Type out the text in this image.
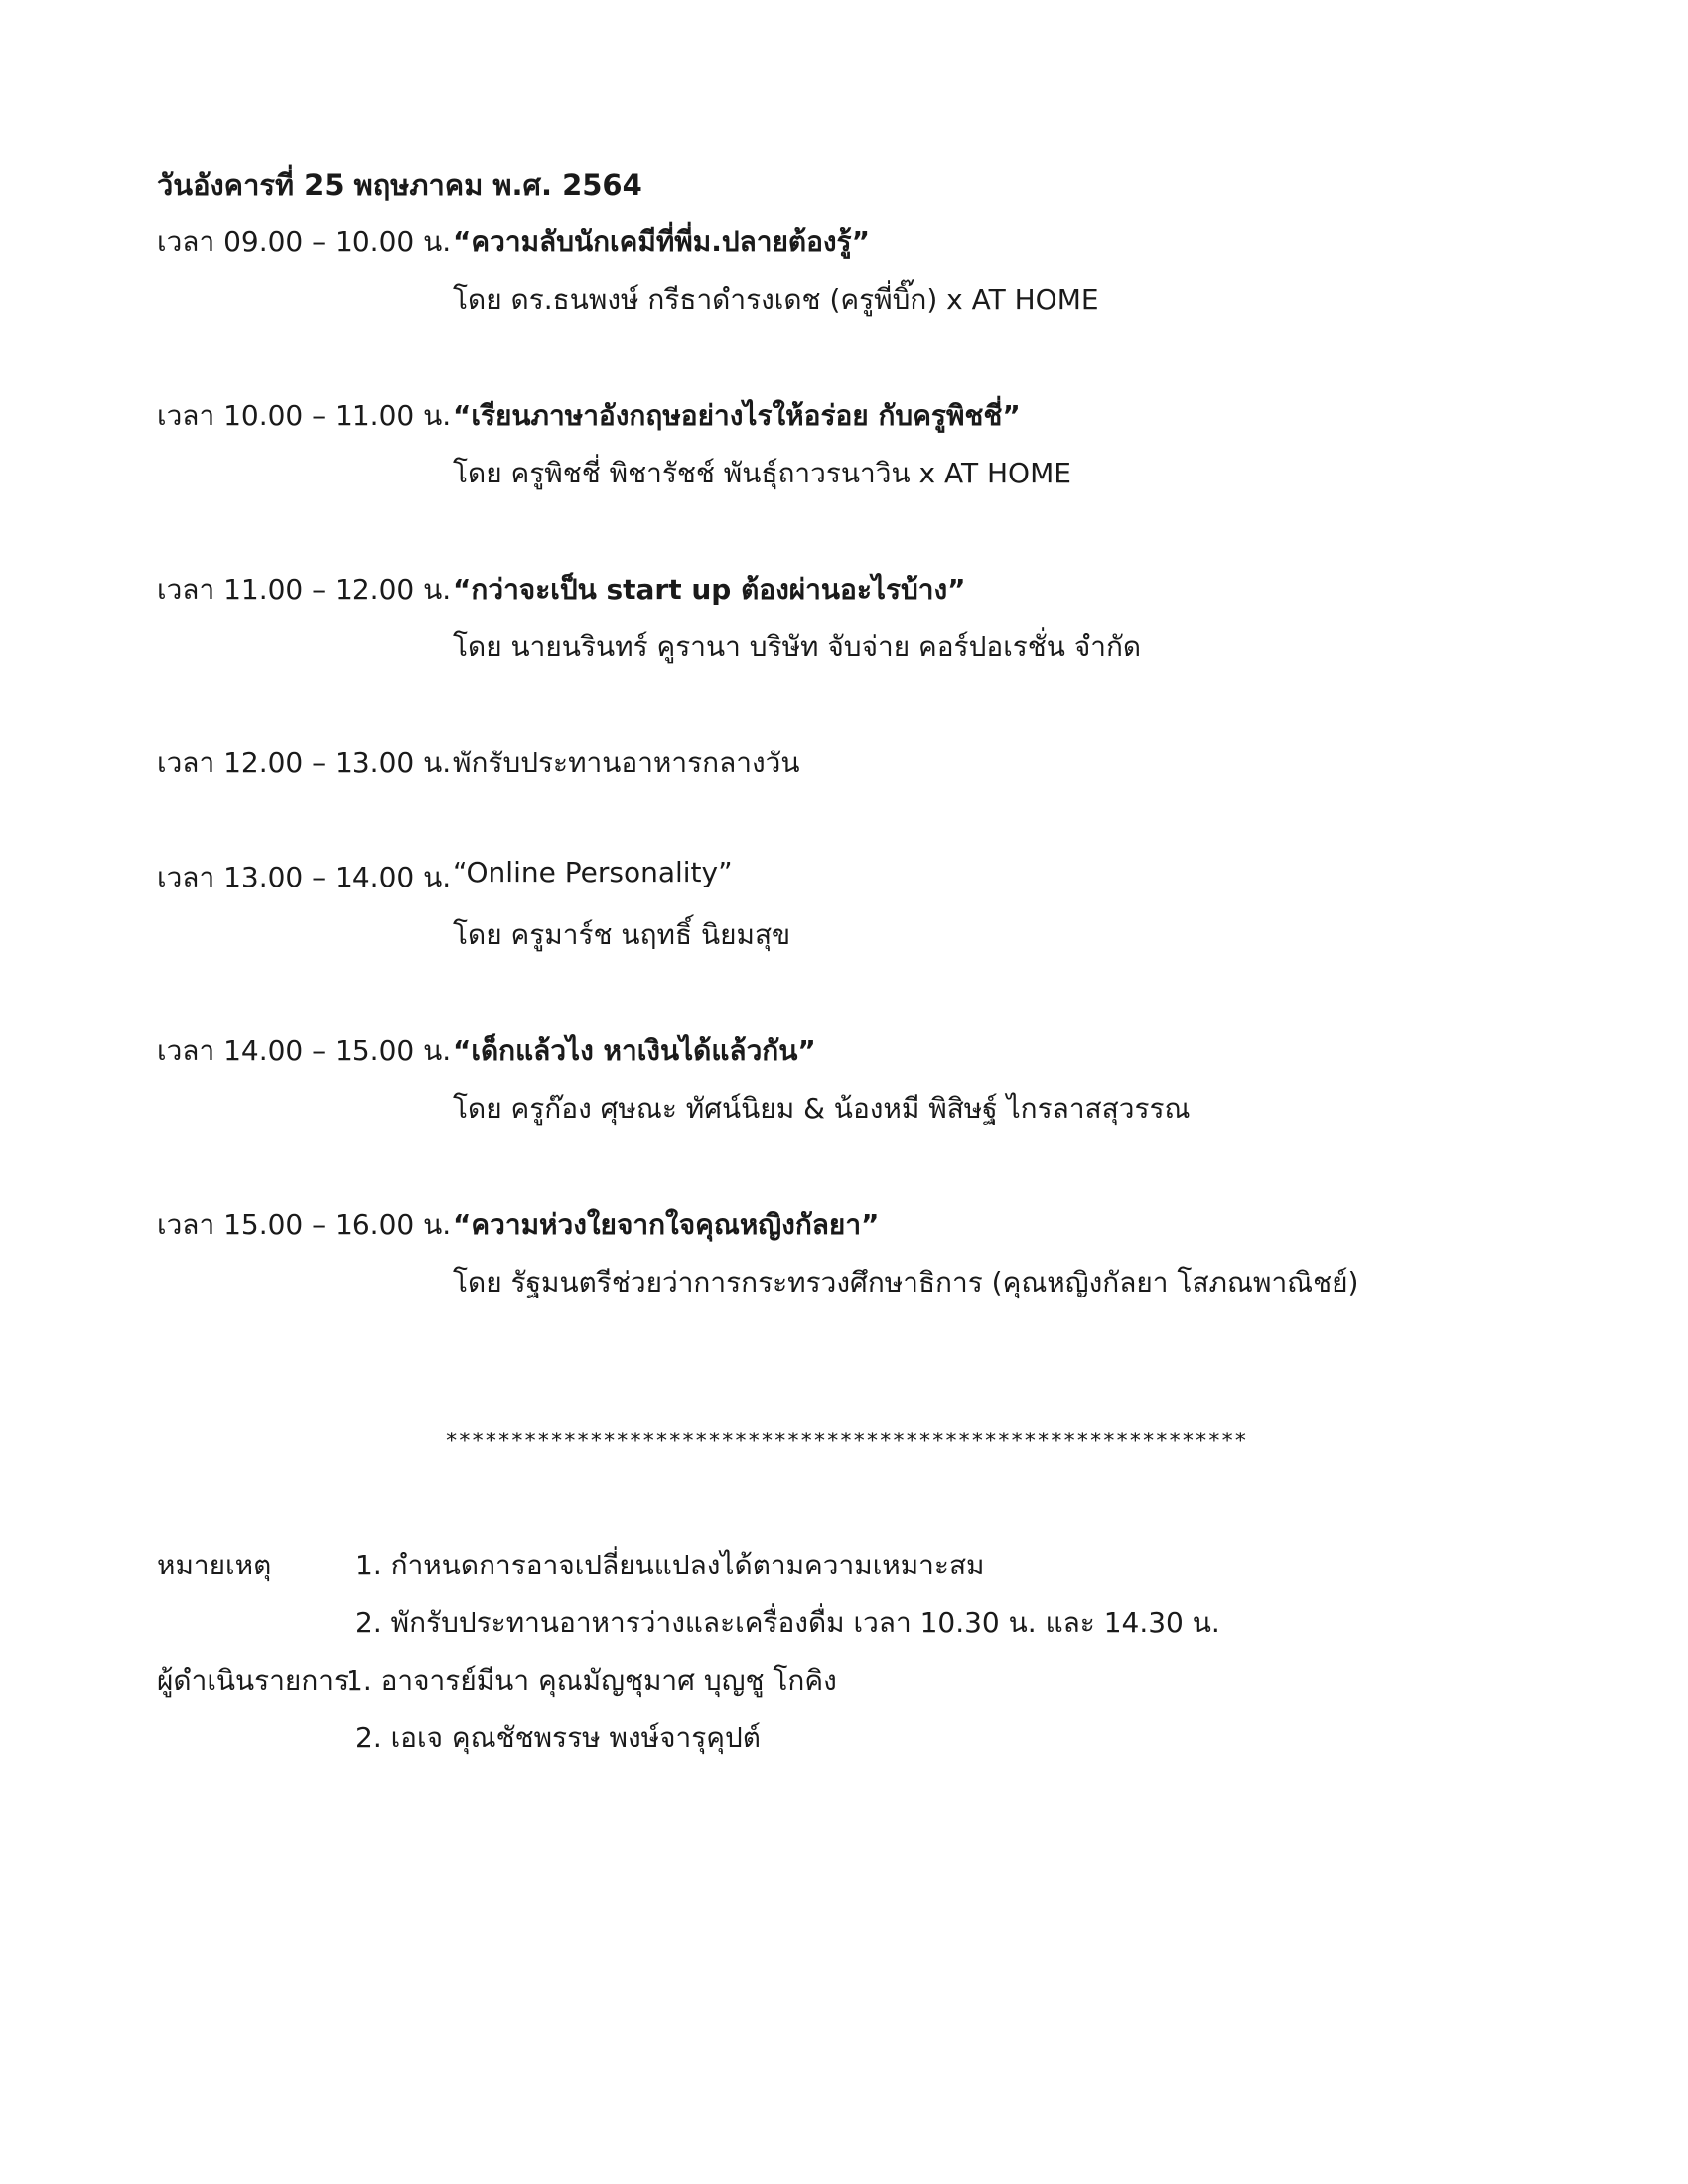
วันอังคารที่ 25 พฤษภาคม พ.ศ. 2564
เวลา 09.00 – 10.00 น. “ความลับนักเคมีที่พี่ม.ปลายต้องรู้”
โดย ดร.ธนพงษ์ กรีธาดำรงเดช (ครูพี่บิ๊ก) x AT HOME
เวลา 10.00 – 11.00 น. “เรียนภาษาอังกฤษอย่างไรให้อร่อย กับครูพิชชี่”
โดย ครูพิชชี่ พิชารัชช์ พันธุ์ถาวรนาวิน x AT HOME
เวลา 11.00 – 12.00 น. “กว่าจะเป็น start up ต้องผ่านอะไรบ้าง”
โดย นายนรินทร์ คูรานา บริษัท จับจ่าย คอร์ปอเรชั่น จำกัด
เวลา 12.00 – 13.00 น. พักรับประทานอาหารกลางวัน
เวลา 13.00 – 14.00 น. “Online Personality”
โดย ครูมาร์ช นฤทธิ์ นิยมสุข
เวลา 14.00 – 15.00 น. “เด็กแล้วไง หาเงินได้แล้วกัน”
โดย ครูก๊อง ศุษณะ ทัศน์นิยม & น้องหมี พิสิษฐ์ ไกรลาสสุวรรณ
เวลา 15.00 – 16.00 น. “ความห่วงใยจากใจคุณหญิงกัลยา”
โดย รัฐมนตรีช่วยว่าการกระทรวงศึกษาธิการ (คุณหญิงกัลยา โสภณพาณิชย์)
*************************************************************
หมายเหตุ	1. กำหนดการอาจเปลี่ยนแปลงได้ตามความเหมาะสม
2. พักรับประทานอาหารว่างและเครื่องดื่ม เวลา 10.30 น. และ 14.30 น.
ผู้ดำเนินรายการ
1. อาจารย์มีนา คุณมัญชุมาศ บุญชู โกคิง
2. เอเจ คุณชัชพรรษ พงษ์จารุคุปต์
